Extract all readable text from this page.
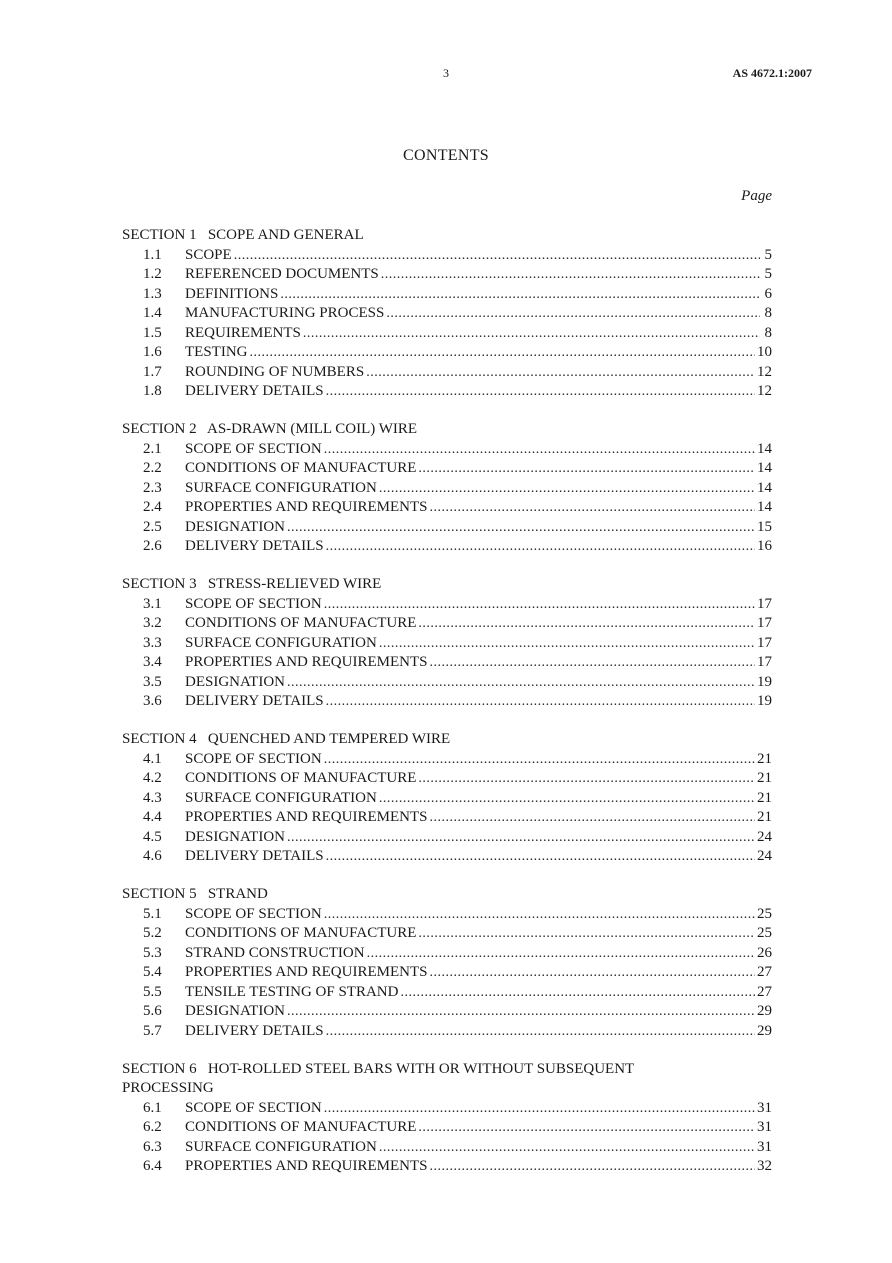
3	AS 4672.1:2007
CONTENTS
Page
SECTION 1   SCOPE AND GENERAL
1.1	SCOPE .....	5
1.2	REFERENCED DOCUMENTS .....	5
1.3	DEFINITIONS .....	6
1.4	MANUFACTURING PROCESS .....	8
1.5	REQUIREMENTS .....	8
1.6	TESTING .....	10
1.7	ROUNDING OF NUMBERS .....	12
1.8	DELIVERY DETAILS .....	12
SECTION 2   AS-DRAWN (MILL COIL) WIRE
2.1	SCOPE OF SECTION .....	14
2.2	CONDITIONS OF MANUFACTURE .....	14
2.3	SURFACE CONFIGURATION .....	14
2.4	PROPERTIES AND REQUIREMENTS .....	14
2.5	DESIGNATION .....	15
2.6	DELIVERY DETAILS .....	16
SECTION 3   STRESS-RELIEVED WIRE
3.1	SCOPE OF SECTION .....	17
3.2	CONDITIONS OF MANUFACTURE .....	17
3.3	SURFACE CONFIGURATION .....	17
3.4	PROPERTIES AND REQUIREMENTS .....	17
3.5	DESIGNATION .....	19
3.6	DELIVERY DETAILS .....	19
SECTION 4   QUENCHED AND TEMPERED WIRE
4.1	SCOPE OF SECTION .....	21
4.2	CONDITIONS OF MANUFACTURE .....	21
4.3	SURFACE CONFIGURATION .....	21
4.4	PROPERTIES AND REQUIREMENTS .....	21
4.5	DESIGNATION .....	24
4.6	DELIVERY DETAILS .....	24
SECTION 5   STRAND
5.1	SCOPE OF SECTION .....	25
5.2	CONDITIONS OF MANUFACTURE .....	25
5.3	STRAND CONSTRUCTION .....	26
5.4	PROPERTIES AND REQUIREMENTS .....	27
5.5	TENSILE TESTING OF STRAND .....	27
5.6	DESIGNATION .....	29
5.7	DELIVERY DETAILS .....	29
SECTION 6   HOT-ROLLED STEEL BARS WITH OR WITHOUT SUBSEQUENT PROCESSING
6.1	SCOPE OF SECTION .....	31
6.2	CONDITIONS OF MANUFACTURE .....	31
6.3	SURFACE CONFIGURATION .....	31
6.4	PROPERTIES AND REQUIREMENTS .....	32
